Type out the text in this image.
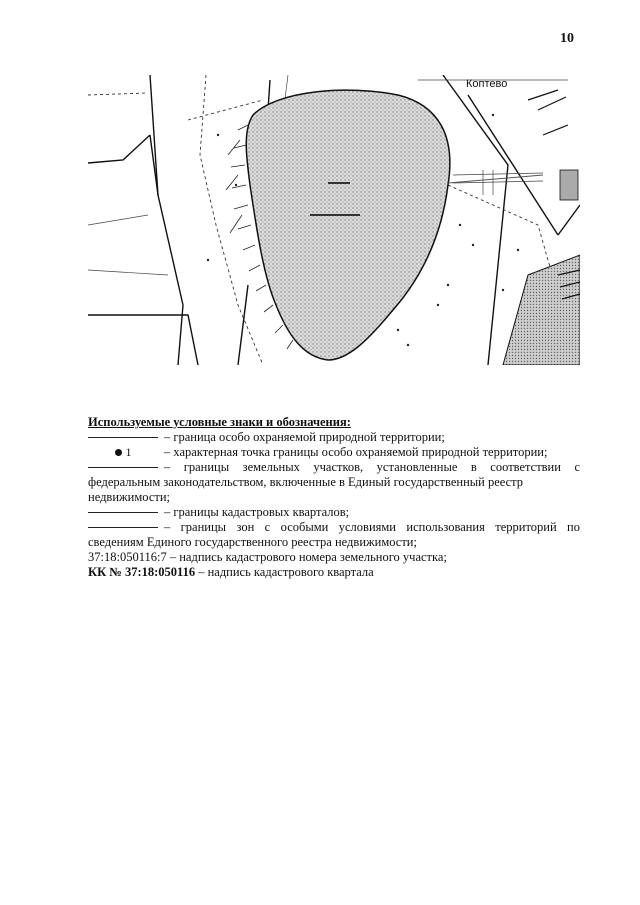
10
Коптево
Используемые условные знаки и обозначения:
– граница особо охраняемой природной территории;
1	– характерная точка границы особо охраняемой природной территории;
– границы земельных участков, установленные в соответствии с
федеральным законодательством, включенные в Единый государственный реестр недвижимости;
– границы кадастровых кварталов;
– границы зон с особыми условиями использования территорий по
сведениям Единого государственного реестра недвижимости;
37:18:050116:7 – надпись кадастрового номера земельного участка;
КК № 37:18:050116 – надпись кадастрового квартала
